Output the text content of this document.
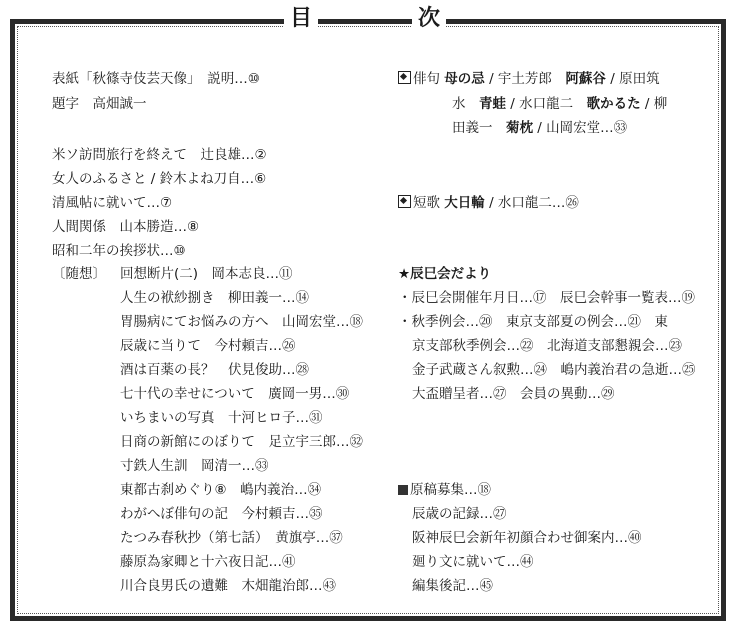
目	次
表紙「秋篠寺伎芸天像」　説明…⑩
題字　高畑誠一
米ソ訪問旅行を終えて　辻良雄…②
女人のふるさと / 鈴木よね刀自…⑥
清風帖に就いて…⑦
人間関係　山本勝造…⑧
昭和二年の挨拶状…⑩
〔随想〕 回想断片(二)　岡本志良…⑪
人生の袱紗捌き　柳田義一…⑭
胃腸病にてお悩みの方へ　山岡宏堂…⑱
辰歳に当りて　今村頼吉…㉖
酒は百薬の長？　伏見俊助…㉘
七十代の幸せについて　廣岡一男…㉚
いちまいの写真　十河ヒロ子…㉛
日商の新館にのぼりて　足立宇三郎…㉜
寸鉄人生訓　岡清一…㉝
東都古刹めぐり⑧　嶋内義治…㉞
わがへぼ俳句の記　今村頼吉…㉟
たつみ春秋抄（第七話）　黄旗亭…㊲
藤原為家卿と十六夜日記…㊶
川合良男氏の遺難　木畑龍治郎…㊸
俳句 母の忌 / 宇土芳郎　阿蘇谷 / 原田筑
水　青蛙 / 水口龍二　歌かるた / 柳
田義一　菊枕 / 山岡宏堂…㉝
短歌 大日輪 / 水口龍二…㉖
★辰巳会だより
・辰巳会開催年月日…⑰　辰巳会幹事一覧表…⑲
・秋季例会…⑳　東京支部夏の例会…㉑　東
京支部秋季例会…㉒　北海道支部懇親会…㉓
金子武蔵さん叙勲…㉔　嶋内義治君の急逝…㉕
大盃贈呈者…㉗　会員の異動…㉙
原稿募集…⑱
辰歳の記録…㉗
阪神辰巳会新年初顔合わせ御案内…㊵
廻り文に就いて…㊹
編集後記…㊺
